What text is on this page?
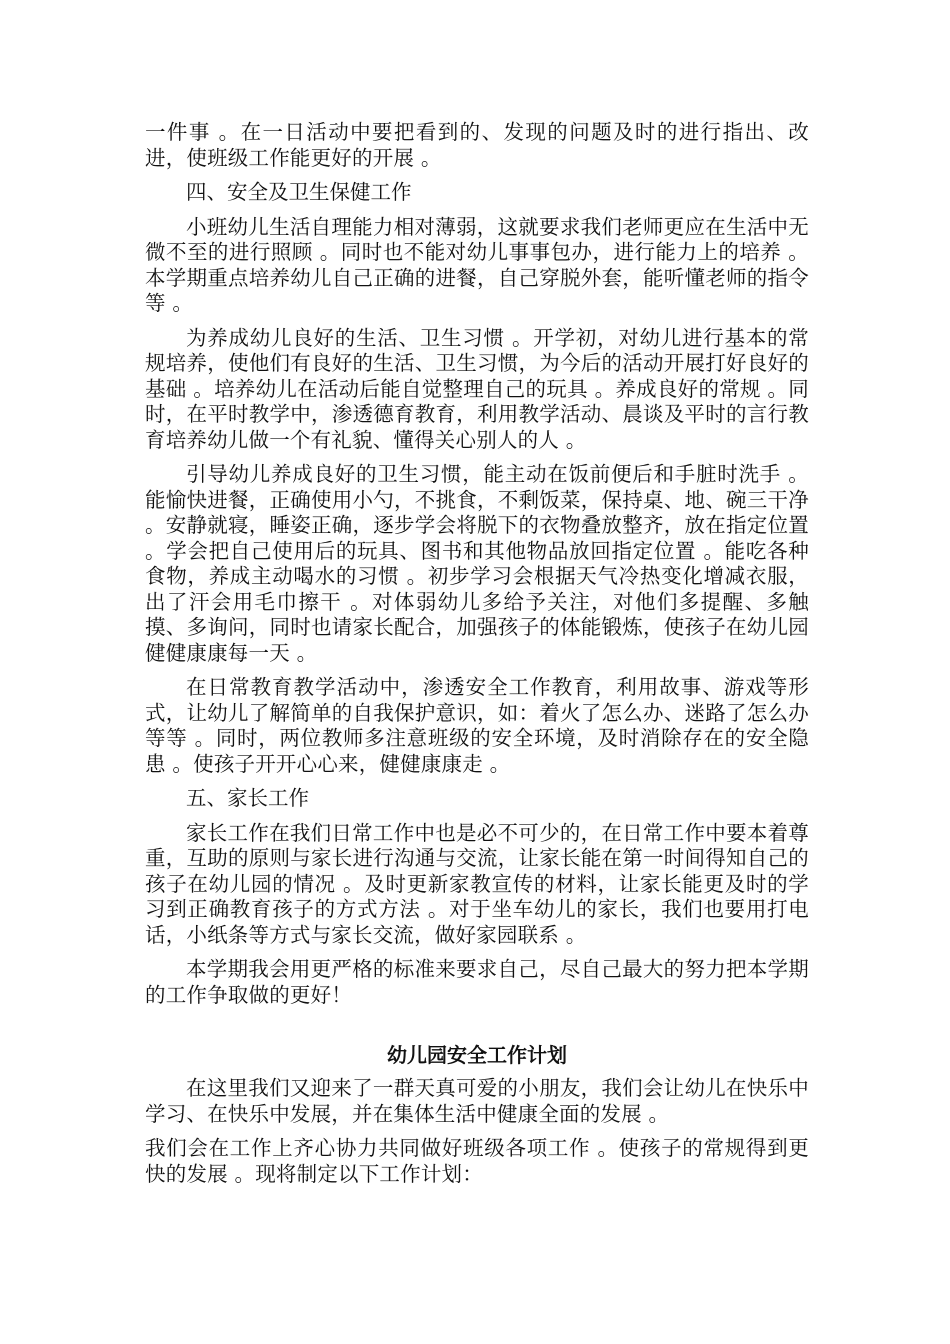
一件事 。在一日活动中要把看到的、发现的问题及时的进行指出、改进，使班级工作能更好的开展 。

四、安全及卫生保健工作

小班幼儿生活自理能力相对薄弱，这就要求我们老师更应在生活中无微不至的进行照顾 。同时也不能对幼儿事事包办，进行能力上的培养 。本学期重点培养幼儿自己正确的进餐，自己穿脱外套，能听懂老师的指令等 。

为养成幼儿良好的生活、卫生习惯 。开学初，对幼儿进行基本的常规培养，使他们有良好的生活、卫生习惯，为今后的活动开展打好良好的基础 。培养幼儿在活动后能自觉整理自己的玩具 。养成良好的常规 。同时，在平时教学中，渗透德育教育，利用教学活动、晨谈及平时的言行教育培养幼儿做一个有礼貌、懂得关心别人的人 。

引导幼儿养成良好的卫生习惯，能主动在饭前便后和手脏时洗手 。能愉快进餐，正确使用小勺，不挑食，不剩饭菜，保持桌、地、碗三干净 。安静就寝，睡姿正确，逐步学会将脱下的衣物叠放整齐，放在指定位置 。学会把自己使用后的玩具、图书和其他物品放回指定位置 。能吃各种食物，养成主动喝水的习惯 。初步学习会根据天气冷热变化增减衣服，出了汗会用毛巾擦干 。对体弱幼儿多给予关注，对他们多提醒、多触摸、多询问，同时也请家长配合，加强孩子的体能锻炼，使孩子在幼儿园健健康康每一天 。

在日常教育教学活动中，渗透安全工作教育，利用故事、游戏等形式，让幼儿了解简单的自我保护意识，如：着火了怎么办、迷路了怎么办等等 。同时，两位教师多注意班级的安全环境，及时消除存在的安全隐患 。使孩子开开心心来，健健康康走 。

五、家长工作

家长工作在我们日常工作中也是必不可少的，在日常工作中要本着尊重，互助的原则与家长进行沟通与交流，让家长能在第一时间得知自己的孩子在幼儿园的情况 。及时更新家教宣传的材料，让家长能更及时的学习到正确教育孩子的方式方法 。对于坐车幼儿的家长，我们也要用打电话，小纸条等方式与家长交流，做好家园联系 。

本学期我会用更严格的标准来要求自己，尽自己最大的努力把本学期的工作争取做的更好！

幼儿园安全工作计划

在这里我们又迎来了一群天真可爱的小朋友，我们会让幼儿在快乐中学习、在快乐中发展，并在集体生活中健康全面的发展 。

我们会在工作上齐心协力共同做好班级各项工作 。使孩子的常规得到更快的发展 。现将制定以下工作计划：
